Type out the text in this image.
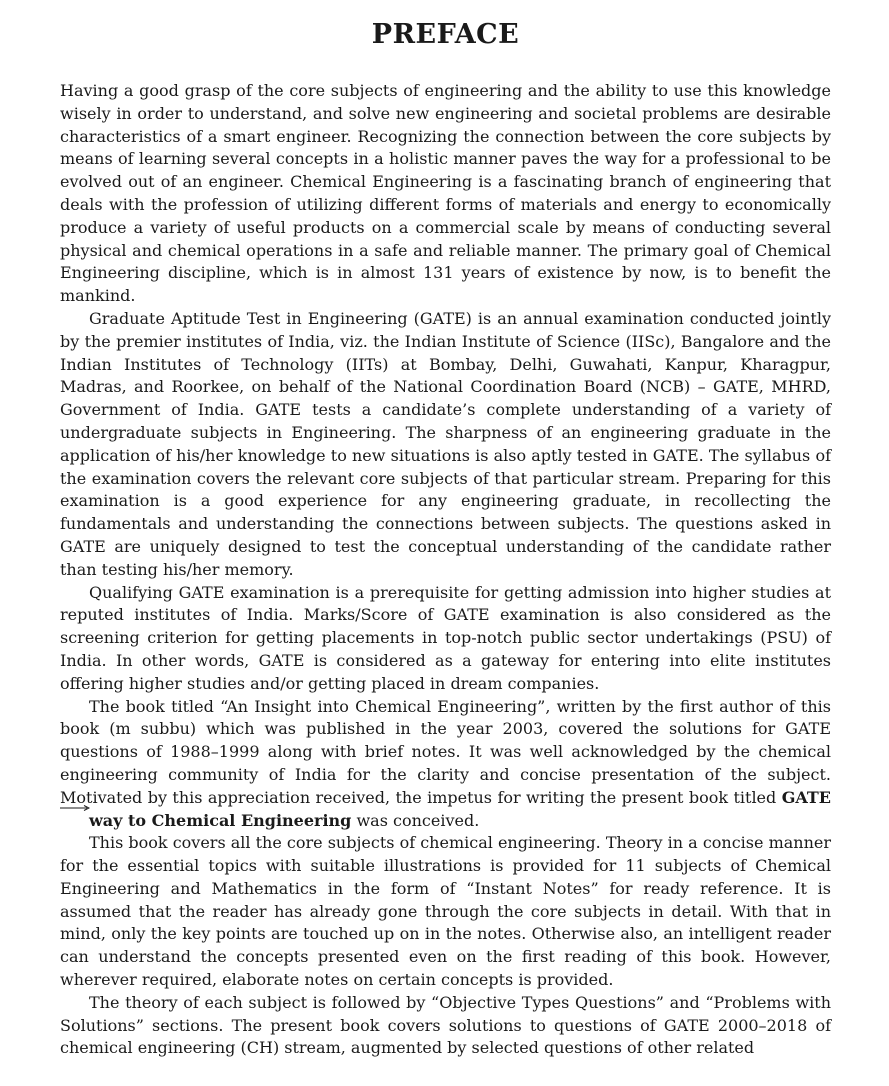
PREFACE

Having a good grasp of the core subjects of engineering and the ability to use this knowledge wisely in order to understand, and solve new engineering and societal problems are desirable characteristics of a smart engineer. Recognizing the connection between the core subjects by means of learning several concepts in a holistic manner paves the way for a professional to be evolved out of an engineer. Chemical Engineering is a fascinating branch of engineering that deals with the profession of utilizing different forms of materials and energy to economically produce a variety of useful products on a commercial scale by means of conducting several physical and chemical operations in a safe and reliable manner. The primary goal of Chemical Engineering discipline, which is in almost 131 years of existence by now, is to benefit the mankind.

Graduate Aptitude Test in Engineering (GATE) is an annual examination conducted jointly by the premier institutes of India, viz. the Indian Institute of Science (IISc), Bangalore and the Indian Institutes of Technology (IITs) at Bombay, Delhi, Guwahati, Kanpur, Kharagpur, Madras, and Roorkee, on behalf of the National Coordination Board (NCB) – GATE, MHRD, Government of India. GATE tests a candidate’s complete understanding of a variety of undergraduate subjects in Engineering. The sharpness of an engineering graduate in the application of his/her knowledge to new situations is also aptly tested in GATE. The syllabus of the examination covers the relevant core subjects of that particular stream. Preparing for this examination is a good experience for any engineering graduate, in recollecting the fundamentals and understanding the connections between subjects. The questions asked in GATE are uniquely designed to test the conceptual understanding of the candidate rather than testing his/her memory.

Qualifying GATE examination is a prerequisite for getting admission into higher studies at reputed institutes of India. Marks/Score of GATE examination is also considered as the screening criterion for getting placements in top-notch public sector undertakings (PSU) of India. In other words, GATE is considered as a gateway for entering into elite institutes offering higher studies and/or getting placed in dream companies.

The book titled “An Insight into Chemical Engineering”, written by the first author of this book (m subbu) which was published in the year 2003, covered the solutions for GATE questions of 1988–1999 along with brief notes. It was well acknowledged by the chemical engineering community of India for the clarity and concise presentation of the subject. Motivated by this appreciation received, the impetus for writing the present book titled GATE
way to Chemical Engineering was conceived.

This book covers all the core subjects of chemical engineering. Theory in a concise manner for the essential topics with suitable illustrations is provided for 11 subjects of Chemical Engineering and Mathematics in the form of “Instant Notes” for ready reference. It is assumed that the reader has already gone through the core subjects in detail. With that in mind, only the key points are touched up on in the notes. Otherwise also, an intelligent reader can understand the concepts presented even on the first reading of this book. However, wherever required, elaborate notes on certain concepts is provided.

The theory of each subject is followed by “Objective Types Questions” and “Problems with Solutions” sections. The present book covers solutions to questions of GATE 2000–2018 of chemical engineering (CH) stream, augmented by selected questions of other related
